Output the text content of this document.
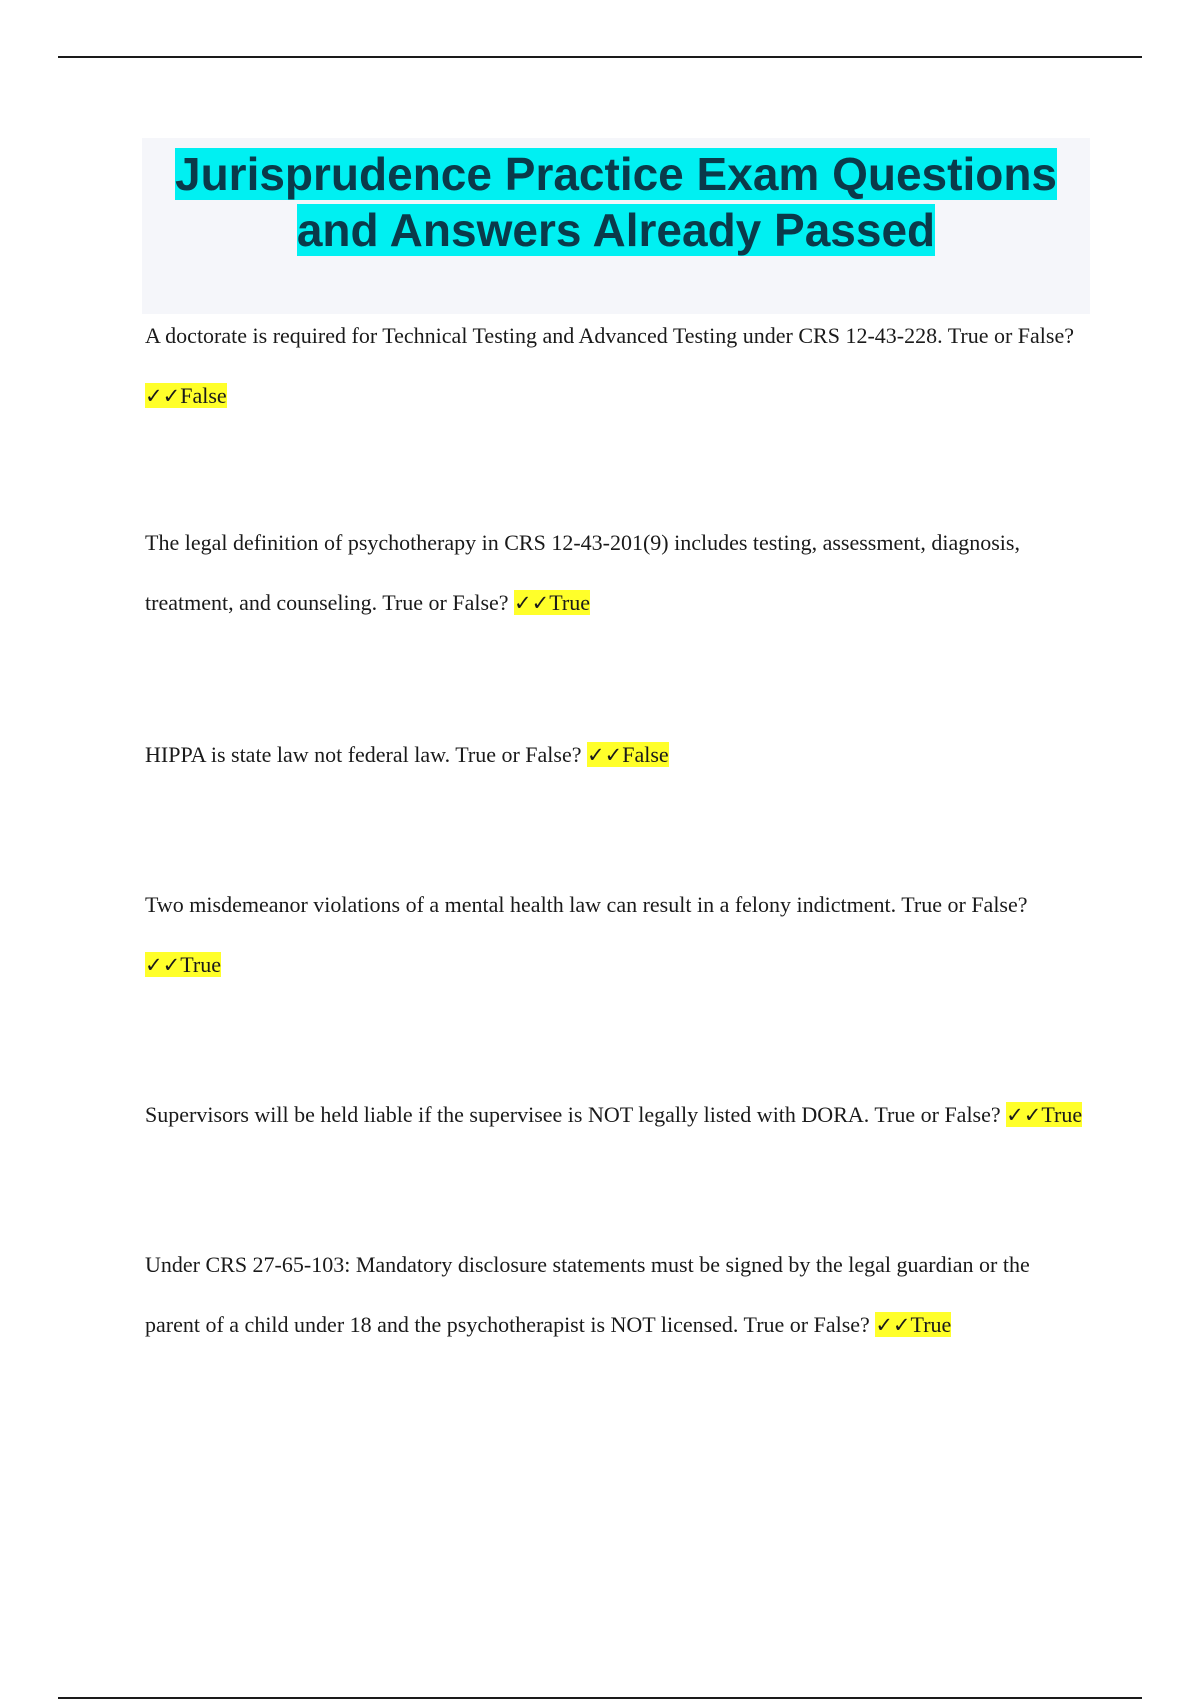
Jurisprudence Practice Exam Questions
and Answers Already Passed

A doctorate is required for Technical Testing and Advanced Testing under CRS 12-43-228. True or False? ✓✓False

The legal definition of psychotherapy in CRS 12-43-201(9) includes testing, assessment, diagnosis, treatment, and counseling. True or False? ✓✓True

HIPPA is state law not federal law. True or False? ✓✓False

Two misdemeanor violations of a mental health law can result in a felony indictment. True or False? ✓✓True

Supervisors will be held liable if the supervisee is NOT legally listed with DORA. True or False? ✓✓True

Under CRS 27-65-103: Mandatory disclosure statements must be signed by the legal guardian or the parent of a child under 18 and the psychotherapist is NOT licensed. True or False? ✓✓True
